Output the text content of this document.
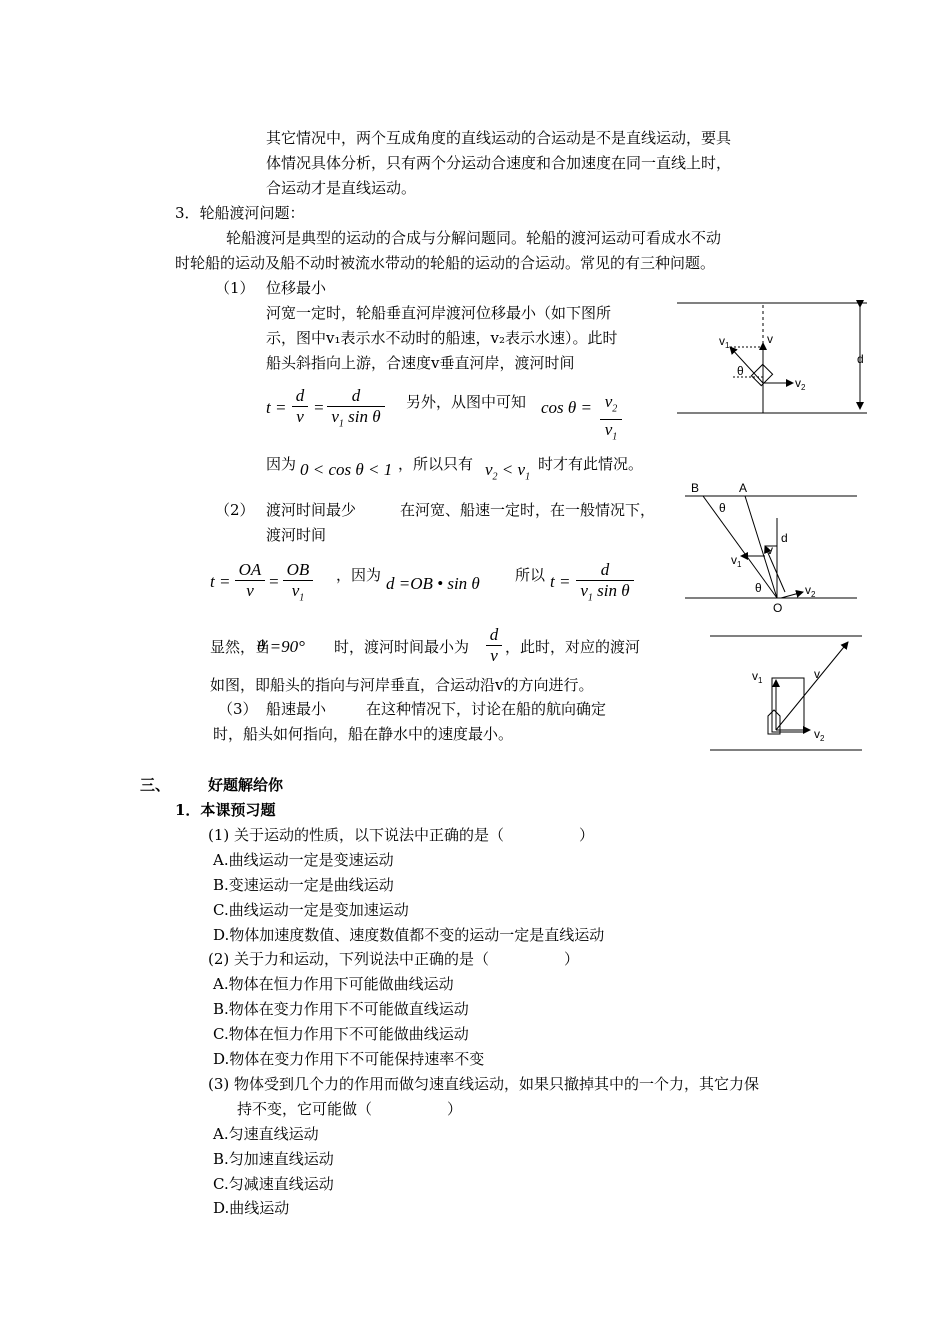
其它情况中，两个互成角度的直线运动的合运动是不是直线运动，要具
体情况具体分析，只有两个分运动合速度和合加速度在同一直线上时，
合运动才是直线运动。
3．轮船渡河问题：
轮船渡河是典型的运动的合成与分解问题同。轮船的渡河运动可看成水不动
时轮船的运动及船不动时被流水带动的轮船的运动的合运动。常见的有三种问题。
（1） 位移最小
河宽一定时，轮船垂直河岸渡河位移最小（如下图所
示，图中v₁表示水不动时的船速，v₂表示水速）。此时
船头斜指向上游，合速度v垂直河岸，渡河时间
$t = \frac{d}{v} = \frac{d}{v_1 \sin \theta}$ 另外，从图中可知 $\cos \theta = \frac{v_2}{v_1}$
因为 0 < cos θ < 1 ，所以只有 $v_2 < v_1$
时才有此情况。
（2） 渡河时间最少	在河宽、船速一定时，在一般情况下，
渡河时间
$t = \frac{OA}{v} = \frac{OB}{v_1}$ ，因为 d =OB • sin θ 所以 $t = \frac{d}{v_1 \sin \theta}$
显然，当
θ =90° 时，渡河时间最小为 $\frac{d}{v}$ ，此时，对应的渡河
如图，即船头的指向与河岸垂直，合运动沿v的方向进行。
（3） 船速最小	在这种情况下，讨论在船的航向确定
时，船头如何指向，船在静水中的速度最小。
三、	好题解给你
1．本课预习题
(1) 关于运动的性质，以下说法中正确的是（　　　　　）
A.曲线运动一定是变速运动
B.变速运动一定是曲线运动
C.曲线运动一定是变加速运动
D.物体加速度数值、速度数值都不变的运动一定是直线运动
(2) 关于力和运动，下列说法中正确的是（　　　　　）
A.物体在恒力作用下可能做曲线运动
B.物体在变力作用下不可能做直线运动
C.物体在恒力作用下不可能做曲线运动
D.物体在变力作用下不可能保持速率不变
(3) 物体受到几个力的作用而做匀速直线运动，如果只撤掉其中的一个力，其它力保
持不变，它可能做（　　　　　）
A.匀速直线运动
B.匀加速直线运动
C.匀减速直线运动
D.曲线运动
d
$v_1$	v
θ
$v_2$
B	A
θ
d
v
$v_1$
θ
O
$v_2$
$v_1$	v
$v_2$
